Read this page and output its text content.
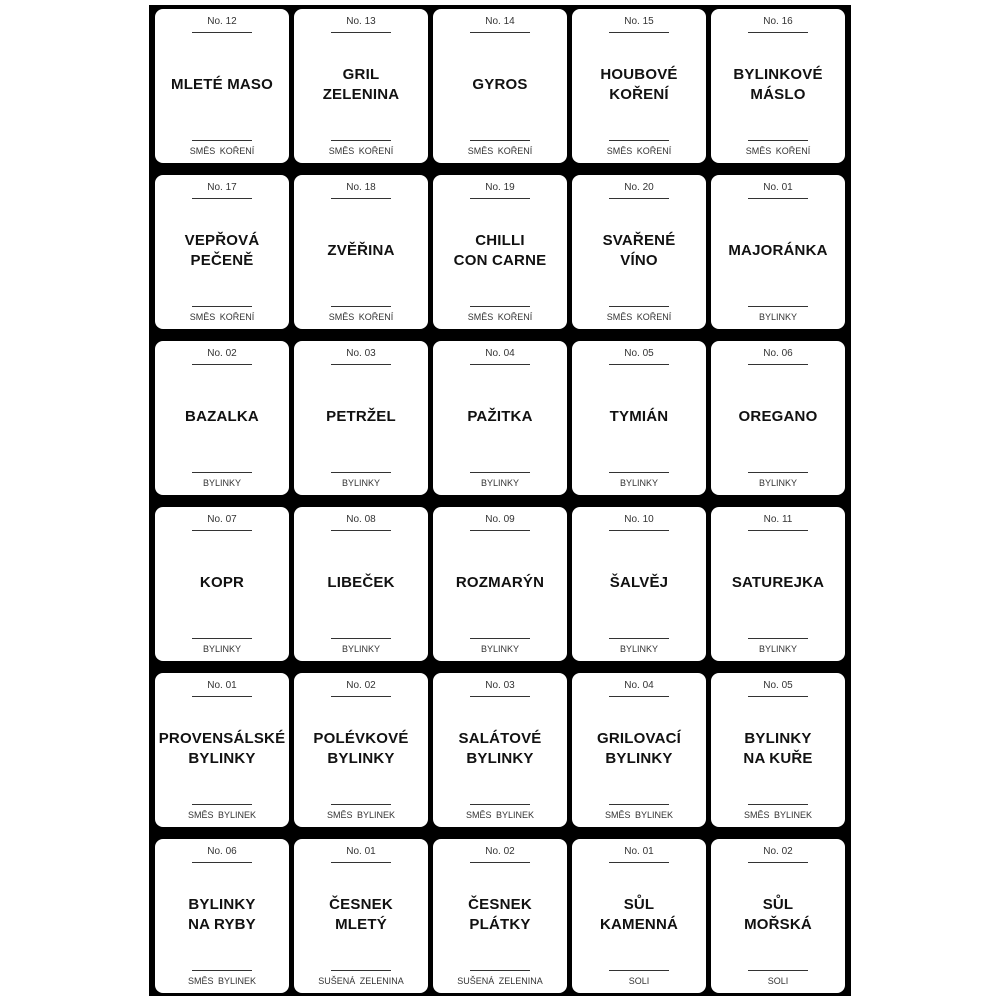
No. 12
MLETÉ MASO
SMĚS KOŘENÍ
No. 13
GRIL
ZELENINA
SMĚS KOŘENÍ
No. 14
GYROS
SMĚS KOŘENÍ
No. 15
HOUBOVÉ
KOŘENÍ
SMĚS KOŘENÍ
No. 16
BYLINKOVÉ
MÁSLO
SMĚS KOŘENÍ
No. 17
VEPŘOVÁ
PEČENĚ
SMĚS KOŘENÍ
No. 18
ZVĚŘINA
SMĚS KOŘENÍ
No. 19
CHILLI
CON CARNE
SMĚS KOŘENÍ
No. 20
SVAŘENÉ
VÍNO
SMĚS KOŘENÍ
No. 01
MAJORÁNKA
BYLINKY
No. 02
BAZALKA
BYLINKY
No. 03
PETRŽEL
BYLINKY
No. 04
PAŽITKA
BYLINKY
No. 05
TYMIÁN
BYLINKY
No. 06
OREGANO
BYLINKY
No. 07
KOPR
BYLINKY
No. 08
LIBEČEK
BYLINKY
No. 09
ROZMARÝN
BYLINKY
No. 10
ŠALVĚJ
BYLINKY
No. 11
SATUREJKA
BYLINKY
No. 01
PROVENSÁLSKÉ
BYLINKY
SMĚS BYLINEK
No. 02
POLÉVKOVÉ
BYLINKY
SMĚS BYLINEK
No. 03
SALÁTOVÉ
BYLINKY
SMĚS BYLINEK
No. 04
GRILOVACÍ
BYLINKY
SMĚS BYLINEK
No. 05
BYLINKY
NA KUŘE
SMĚS BYLINEK
No. 06
BYLINKY
NA RYBY
SMĚS BYLINEK
No. 01
ČESNEK
MLETÝ
SUŠENÁ ZELENINA
No. 02
ČESNEK
PLÁTKY
SUŠENÁ ZELENINA
No. 01
SŮL
KAMENNÁ
SOLI
No. 02
SŮL
MOŘSKÁ
SOLI
